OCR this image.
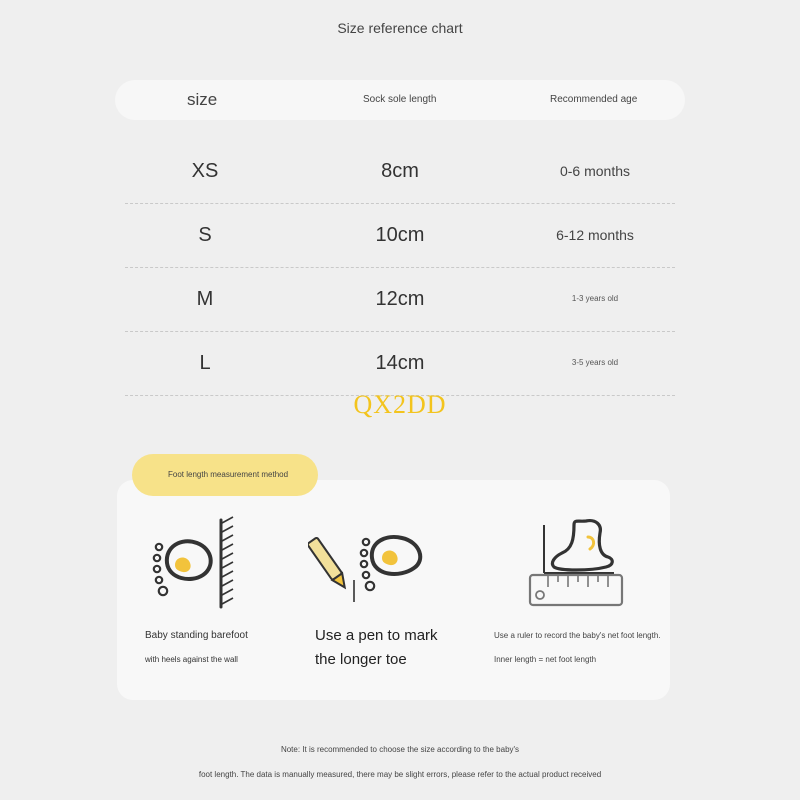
Size reference chart
size	Sock sole length	Recommended age
XS	8cm	0-6 months
S	10cm	6-12 months
M	12cm	1-3 years old
L	14cm	3-5 years old
QX2DD
Foot length measurement method
Baby standing barefoot
with heels against the wall
Use a pen to mark
the longer toe
Use a ruler to record the baby's net foot length.
Inner length = net foot length
Note: It is recommended to choose the size according to the baby's
foot length. The data is manually measured, there may be slight errors, please refer to the actual product received
